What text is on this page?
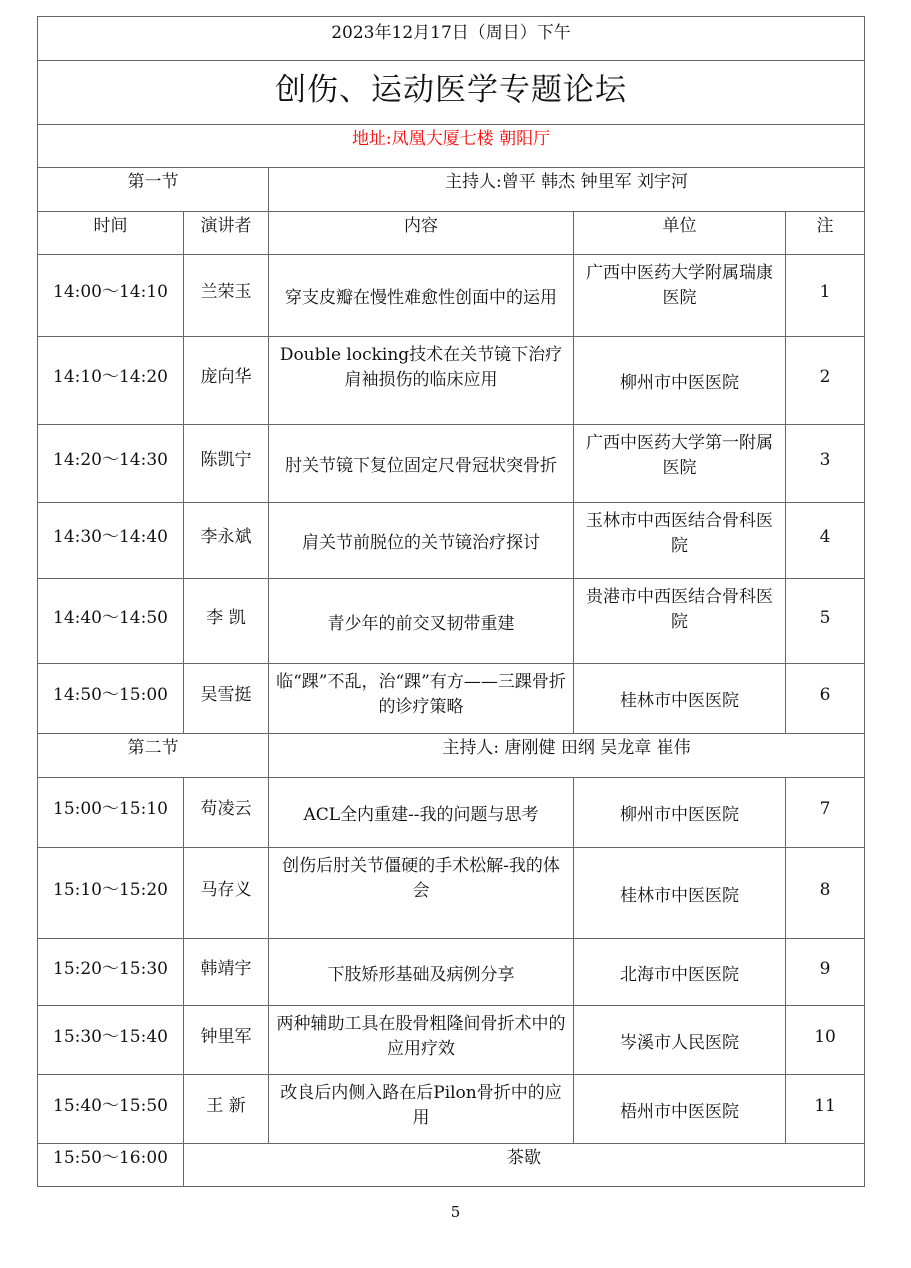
2023年12月17日（周日）下午				
创伤、运动医学专题论坛				
地址:凤凰大厦七楼 朝阳厅				
第一节		主持人:曾平 韩杰 钟里军 刘宇河		
时间	演讲者	内容	单位	注
14:00～14:10	兰荣玉	穿支皮瓣在慢性难愈性创面中的运用	广西中医药大学附属瑞康医院	1
14:10～14:20	庞向华	Double locking技术在关节镜下治疗肩袖损伤的临床应用	柳州市中医医院	2
14:20～14:30	陈凯宁	肘关节镜下复位固定尺骨冠状突骨折	广西中医药大学第一附属医院	3
14:30～14:40	李永斌	肩关节前脱位的关节镜治疗探讨	玉林市中西医结合骨科医院	4
14:40～14:50	李 凯	青少年的前交叉韧带重建	贵港市中西医结合骨科医院	5
14:50～15:00	吴雪挺	临“踝”不乱，治“踝”有方——三踝骨折的诊疗策略	桂林市中医医院	6
第二节		主持人: 唐刚健 田纲 吴龙章 崔伟		
15:00～15:10	苟凌云	ACL全内重建--我的问题与思考	柳州市中医医院	7
15:10～15:20	马存义	创伤后肘关节僵硬的手术松解-我的体会	桂林市中医医院	8
15:20～15:30	韩靖宇	下肢矫形基础及病例分享	北海市中医医院	9
15:30～15:40	钟里军	两种辅助工具在股骨粗隆间骨折术中的应用疗效	岑溪市人民医院	10
15:40～15:50	王 新	改良后内侧入路在后Pilon骨折中的应用	梧州市中医医院	11
15:50～16:00	茶歇			
5
